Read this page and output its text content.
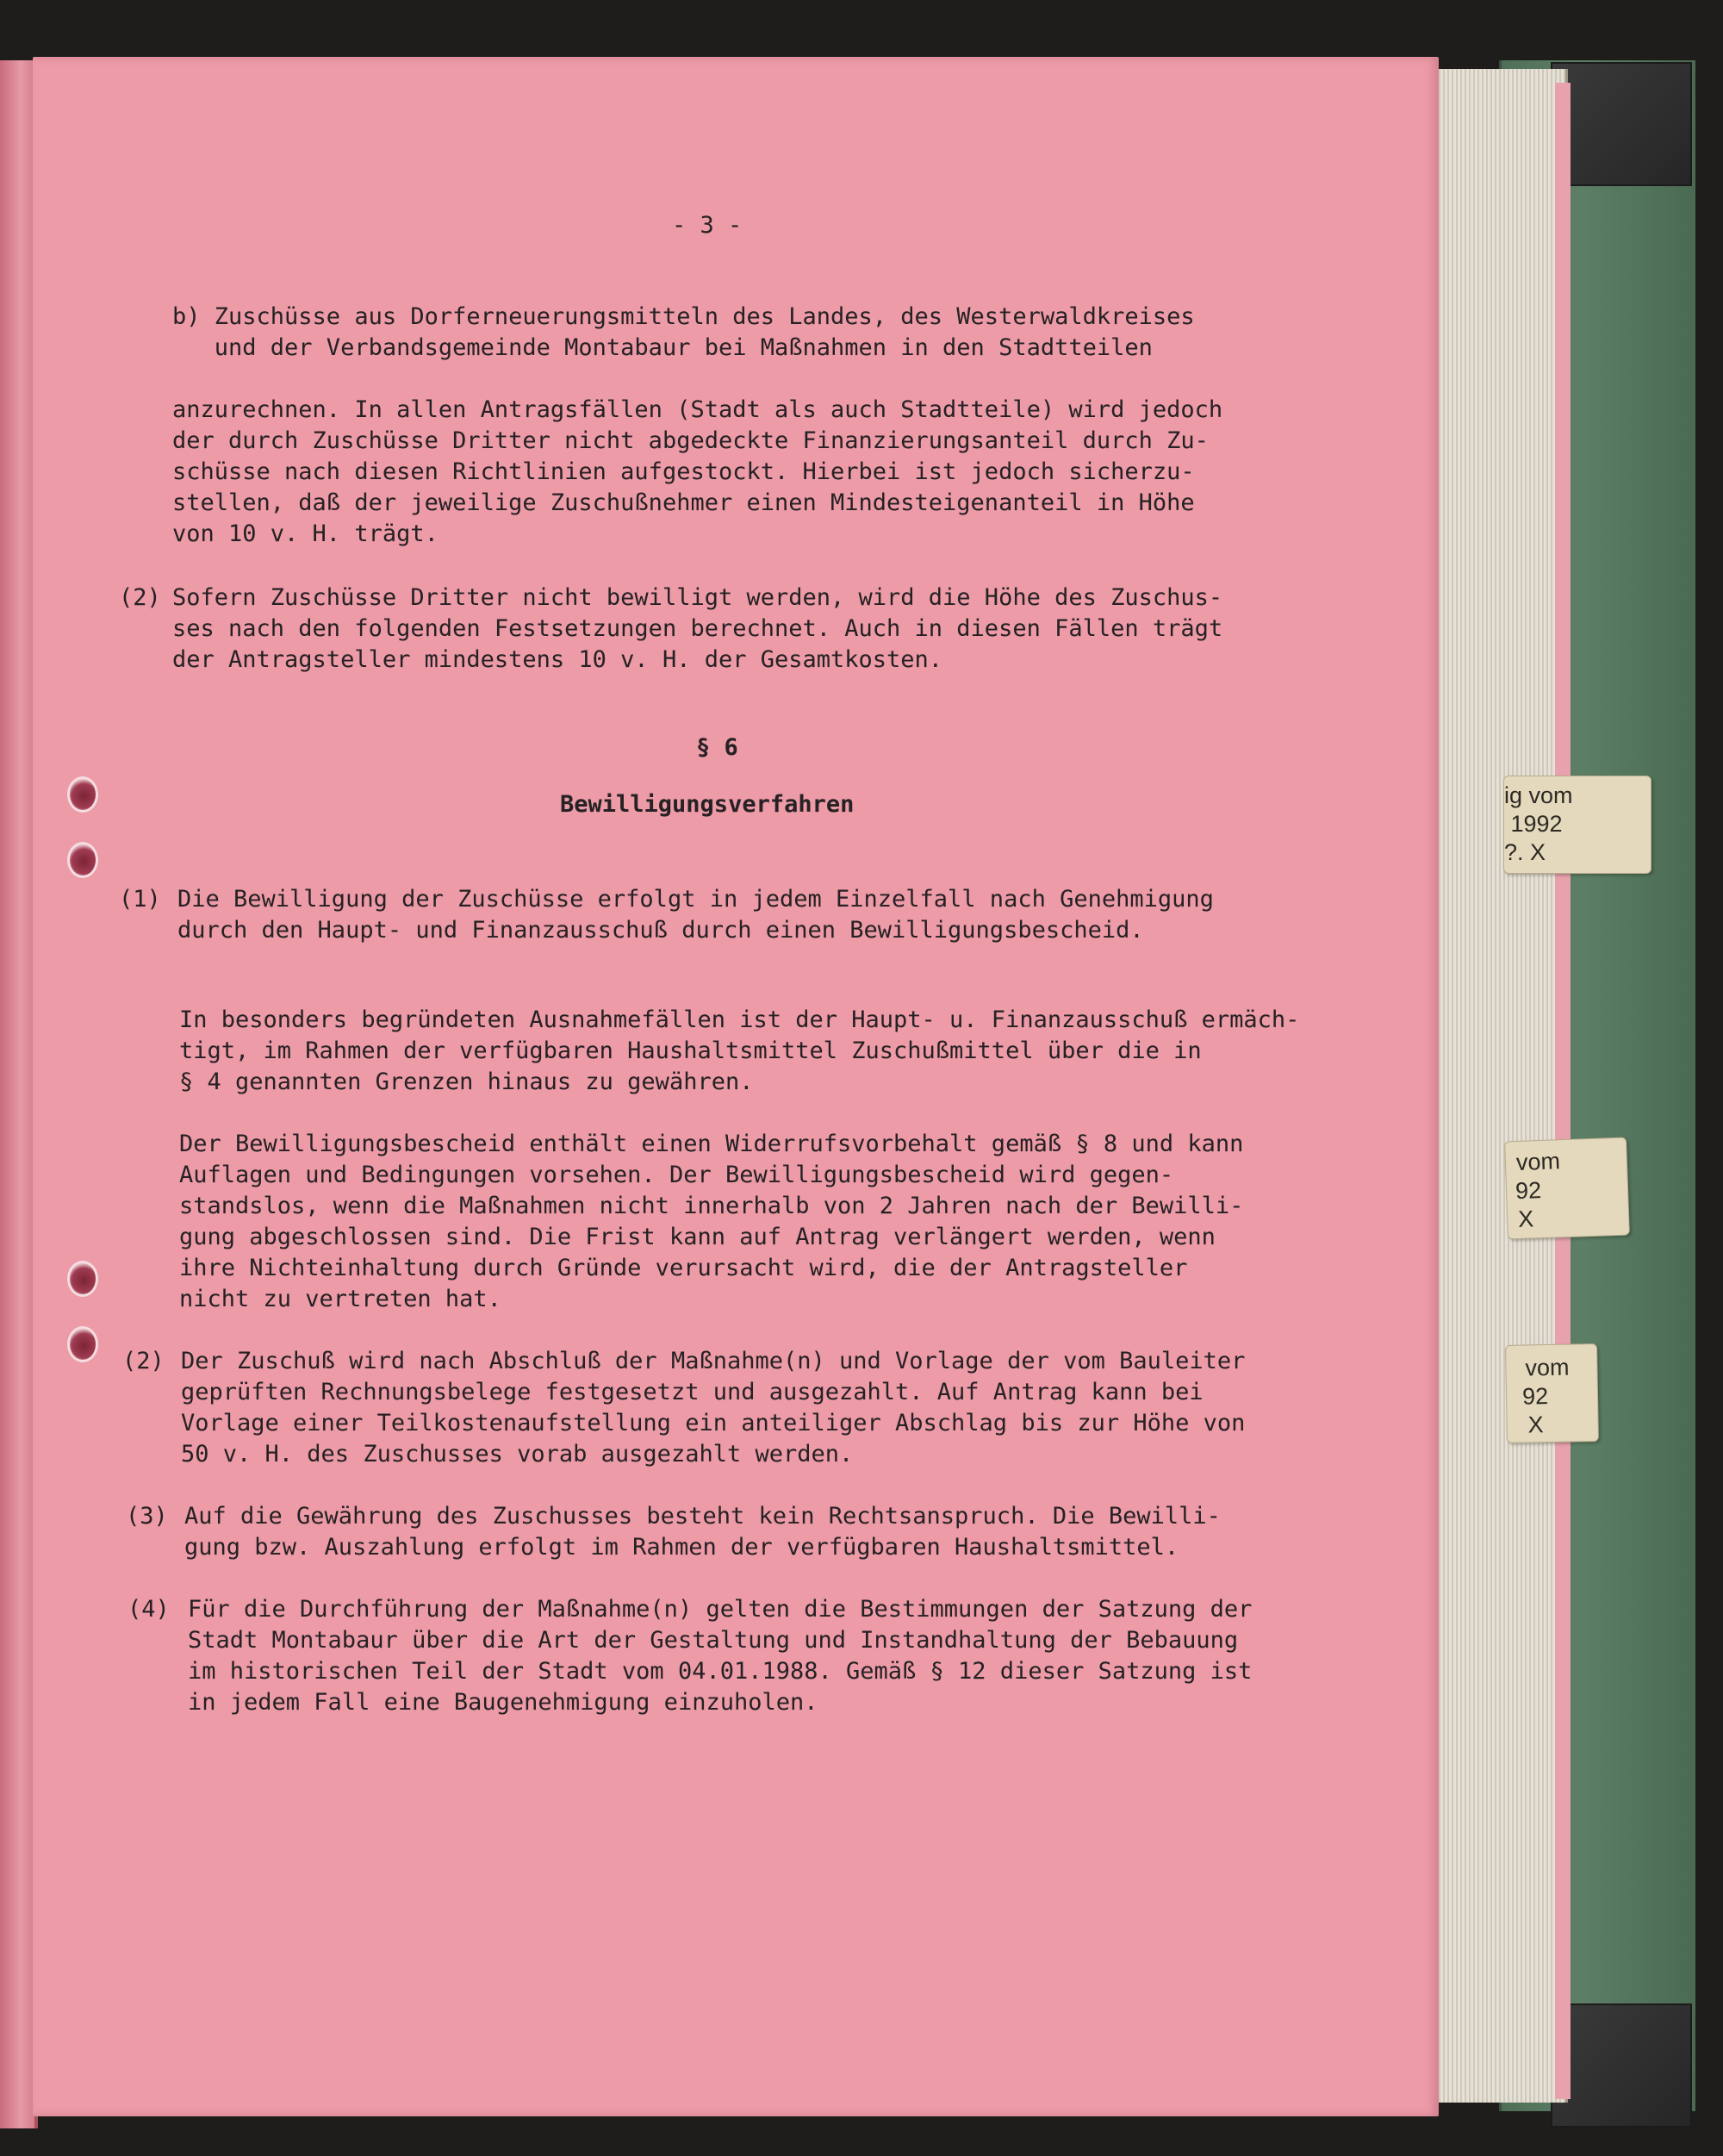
ig vom
1992
?. X
vom
92
X
vom
92
X

- 3 -

b) Zuschüsse aus Dorferneuerungsmitteln des Landes, des Westerwaldkreises

und der Verbandsgemeinde Montabaur bei Maßnahmen in den Stadtteilen

anzurechnen. In allen Antragsfällen (Stadt als auch Stadtteile) wird jedoch

der durch Zuschüsse Dritter nicht abgedeckte Finanzierungsanteil durch Zu-

schüsse nach diesen Richtlinien aufgestockt. Hierbei ist jedoch sicherzu-

stellen, daß der jeweilige Zuschußnehmer einen Mindesteigenanteil in Höhe

von 10 v. H. trägt.

(2) Sofern Zuschüsse Dritter nicht bewilligt werden, wird die Höhe des Zuschus-

ses nach den folgenden Festsetzungen berechnet. Auch in diesen Fällen trägt

der Antragsteller mindestens 10 v. H. der Gesamtkosten.

§ 6

Bewilligungsverfahren

(1) Die Bewilligung der Zuschüsse erfolgt in jedem Einzelfall nach Genehmigung

durch den Haupt- und Finanzausschuß durch einen Bewilligungsbescheid.

In besonders begründeten Ausnahmefällen ist der Haupt- u. Finanzausschuß ermäch-

tigt, im Rahmen der verfügbaren Haushaltsmittel Zuschußmittel über die in

§ 4 genannten Grenzen hinaus zu gewähren.

Der Bewilligungsbescheid enthält einen Widerrufsvorbehalt gemäß § 8 und kann

Auflagen und Bedingungen vorsehen. Der Bewilligungsbescheid wird gegen-

standslos, wenn die Maßnahmen nicht innerhalb von 2 Jahren nach der Bewilli-

gung abgeschlossen sind. Die Frist kann auf Antrag verlängert werden, wenn

ihre Nichteinhaltung durch Gründe verursacht wird, die der Antragsteller

nicht zu vertreten hat.

(2) Der Zuschuß wird nach Abschluß der Maßnahme(n) und Vorlage der vom Bauleiter

geprüften Rechnungsbelege festgesetzt und ausgezahlt. Auf Antrag kann bei

Vorlage einer Teilkostenaufstellung ein anteiliger Abschlag bis zur Höhe von

50 v. H. des Zuschusses vorab ausgezahlt werden.

(3) Auf die Gewährung des Zuschusses besteht kein Rechtsanspruch. Die Bewilli-

gung bzw. Auszahlung erfolgt im Rahmen der verfügbaren Haushaltsmittel.

(4) Für die Durchführung der Maßnahme(n) gelten die Bestimmungen der Satzung der

Stadt Montabaur über die Art der Gestaltung und Instandhaltung der Bebauung

im historischen Teil der Stadt vom 04.01.1988. Gemäß § 12 dieser Satzung ist

in jedem Fall eine Baugenehmigung einzuholen.
